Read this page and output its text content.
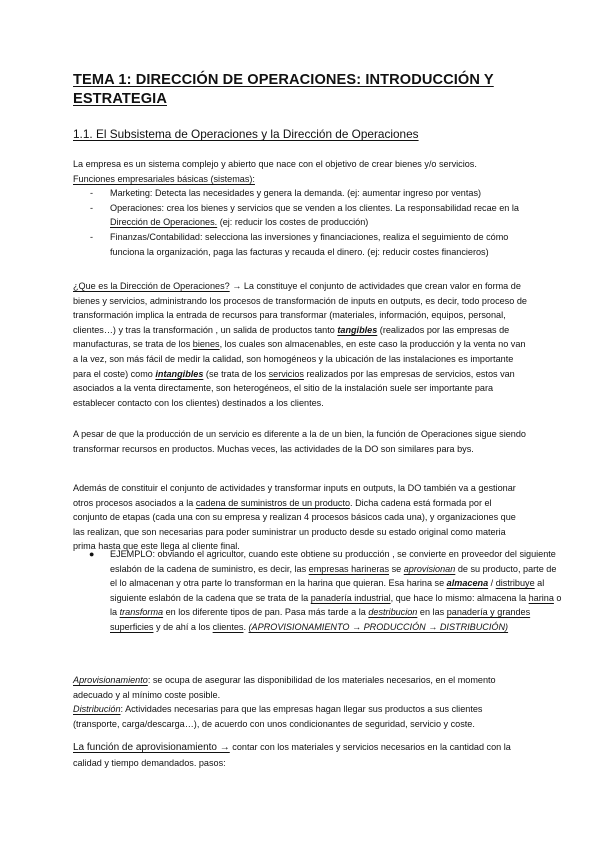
TEMA 1: DIRECCIÓN DE OPERACIONES: INTRODUCCIÓN Y ESTRATEGIA
1.1. El Subsistema de Operaciones y la Dirección de Operaciones
La empresa es un sistema complejo y abierto que nace con el objetivo de crear bienes y/o servicios.
Funciones empresariales básicas (sistemas):
- Marketing: Detecta las necesidades y genera la demanda. (ej: aumentar ingreso por ventas)
- Operaciones: crea los bienes y servicios que se venden a los clientes. La responsabilidad recae en la Dirección de Operaciones. (ej: reducir los costes de producción)
- Finanzas/Contabilidad: selecciona las inversiones y financiaciones, realiza el seguimiento de cómo funciona la organización, paga las facturas y recauda el dinero. (ej: reducir costes financieros)
¿Que es la Dirección de Operaciones? → La constituye el conjunto de actividades que crean valor en forma de bienes y servicios, administrando los procesos de transformación de inputs en outputs, es decir, todo proceso de transformación implica la entrada de recursos para transformar (materiales, información, equipos, personal, clientes…) y tras la transformación , un salida de productos tanto tangibles (realizados por las empresas de manufacturas, se trata de los bienes, los cuales son almacenables, en este caso la producción y la venta no van a la vez, son más fácil de medir la calidad, son homogéneos y la ubicación de las instalaciones es importante para el coste) como intangibles (se trata de los servicios realizados por las empresas de servicios, estos van asociados a la venta directamente, son heterogéneos, el sitio de la instalación suele ser importante para establecer contacto con los clientes) destinados a los clientes.
A pesar de que la producción de un servicio es diferente a la de un bien, la función de Operaciones sigue siendo transformar recursos en productos. Muchas veces, las actividades de la DO son similares para bys.
Además de constituir el conjunto de actividades y transformar inputs en outputs, la DO también va a gestionar otros procesos asociados a la cadena de suministros de un producto. Dicha cadena está formada por el conjunto de etapas (cada una con su empresa y realizan 4 procesos básicos cada una), y organizaciones que las realizan, que son necesarias para poder suministrar un producto desde su estado original como materia prima hasta que este llega al cliente final.
● EJEMPLO: obviando el agricultor, cuando este obtiene su producción , se convierte en proveedor del siguiente eslabón de la cadena de suministro, es decir, las empresas harineras se aprovisionan de su producto, parte de el lo almacenan y otra parte lo transforman en la harina que quieran. Esa harina se almacena / distribuye al siguiente eslabón de la cadena que se trata de la panadería industrial, que hace lo mismo: almacena la harina o la transforma en los diferente tipos de pan. Pasa más tarde a la destribucion en las panadería y grandes superficies y de ahí a los clientes. (APROVISIONAMIENTO → PRODUCCIÓN → DISTRIBUCIÓN)
Aprovisionamiento: se ocupa de asegurar las disponibilidad de los materiales necesarios, en el momento adecuado y al mínimo coste posible.
Distribución: Actividades necesarias para que las empresas hagan llegar sus productos a sus clientes (transporte, carga/descarga…), de acuerdo con unos condicionantes de seguridad, servicio y coste.
La función de aprovisionamiento → contar con los materiales y servicios necesarios en la cantidad con la calidad y tiempo demandados. pasos:
